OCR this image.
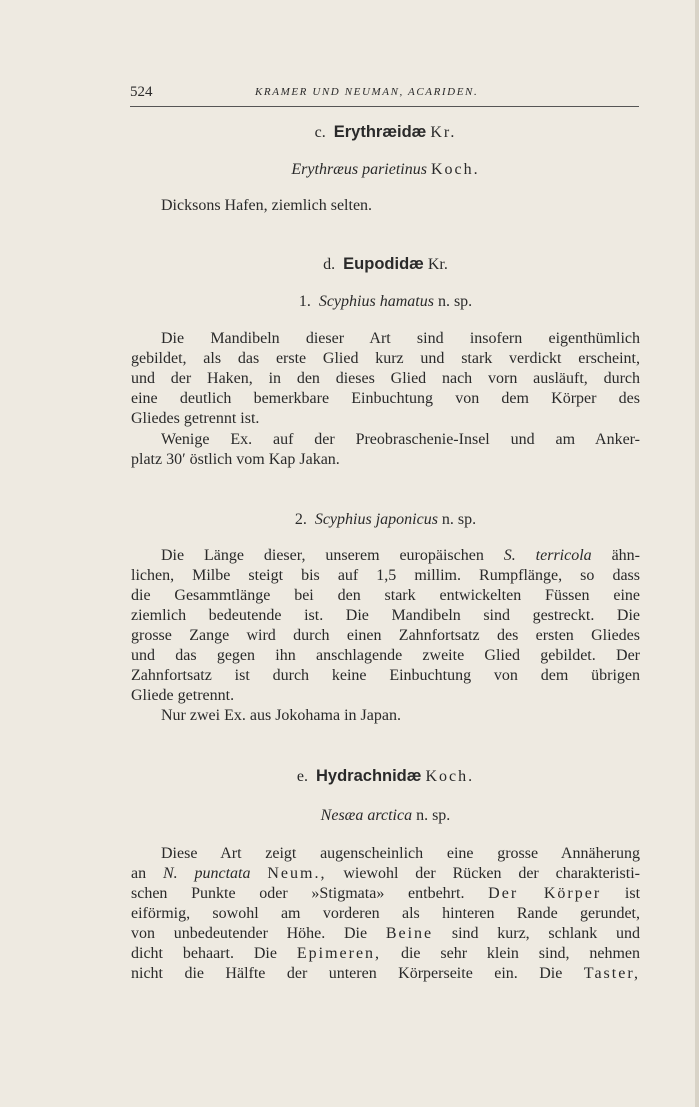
524	KRAMER UND NEUMAN, ACARIDEN.
c. Erythræidæ Kr.
Erythræus parietinus Koch.
Dicksons Hafen, ziemlich selten.
d. Eupodidæ Kr.
1. Scyphius hamatus n. sp.
Die Mandibeln dieser Art sind insofern eigenthümlich
gebildet, als das erste Glied kurz und stark verdickt erscheint,
und der Haken, in den dieses Glied nach vorn ausläuft, durch
eine deutlich bemerkbare Einbuchtung von dem Körper des
Gliedes getrennt ist.
Wenige Ex. auf der Preobraschenie-Insel und am Anker-
platz 30′ östlich vom Kap Jakan.
2. Scyphius japonicus n. sp.
Die Länge dieser, unserem europäischen S. terricola ähn-
lichen, Milbe steigt bis auf 1,5 millim. Rumpflänge, so dass
die Gesammtlänge bei den stark entwickelten Füssen eine
ziemlich bedeutende ist. Die Mandibeln sind gestreckt. Die
grosse Zange wird durch einen Zahnfortsatz des ersten Gliedes
und das gegen ihn anschlagende zweite Glied gebildet. Der
Zahnfortsatz ist durch keine Einbuchtung von dem übrigen
Gliede getrennt.
Nur zwei Ex. aus Jokohama in Japan.
e. Hydrachnidæ Koch.
Nesæa arctica n. sp.
Diese Art zeigt augenscheinlich eine grosse Annäherung
an N. punctata Neum., wiewohl der Rücken der charakteristi-
schen Punkte oder »Stigmata» entbehrt. Der Körper ist
eiförmig, sowohl am vorderen als hinteren Rande gerundet,
von unbedeutender Höhe. Die Beine sind kurz, schlank und
dicht behaart. Die Epimeren, die sehr klein sind, nehmen
nicht die Hälfte der unteren Körperseite ein. Die Taster,
